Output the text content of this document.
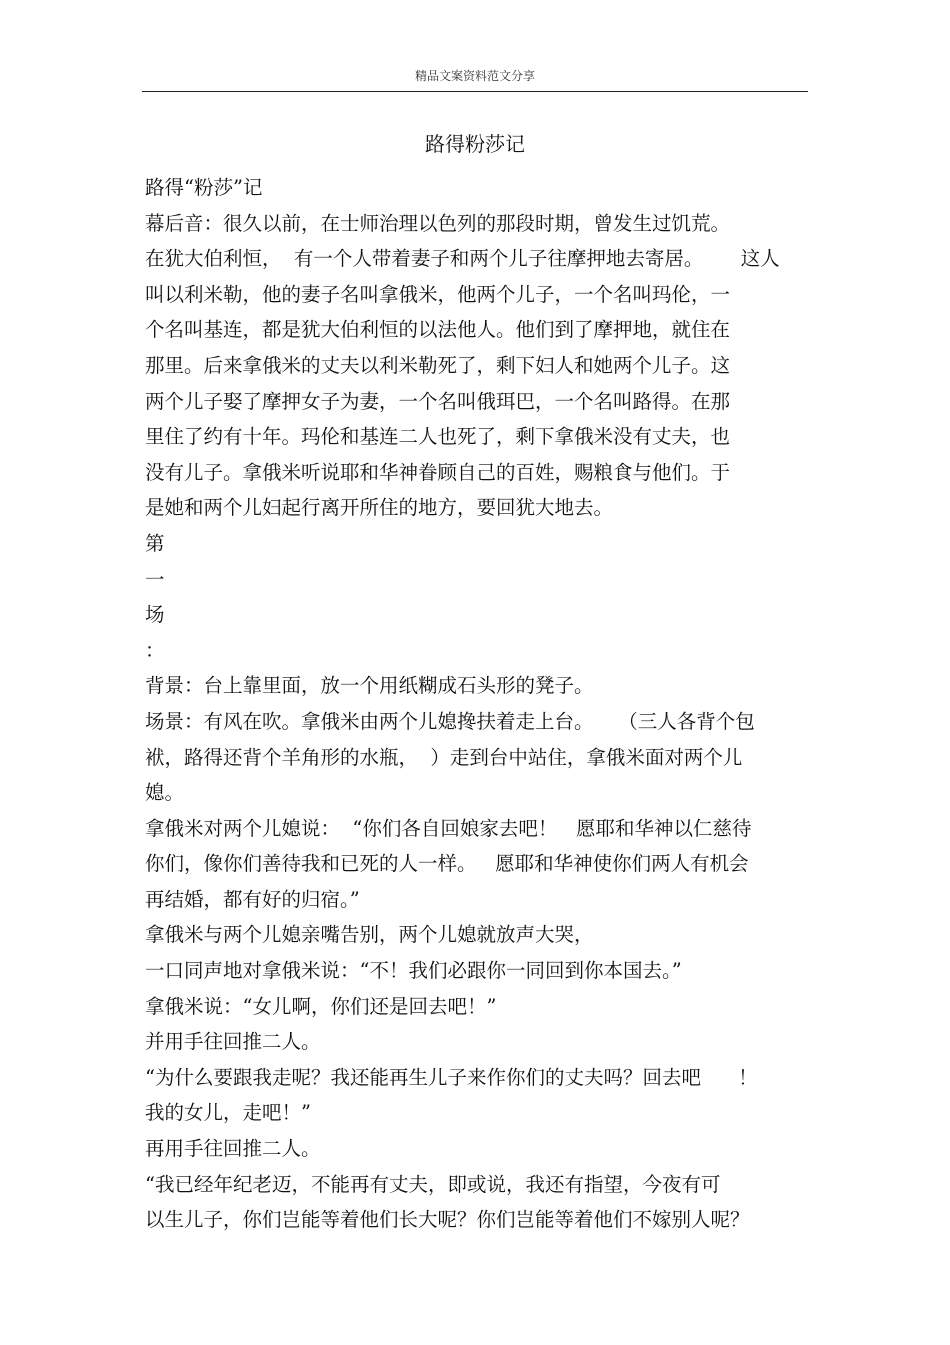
精品文案资料范文分享
路得粉莎记
路得“粉莎”记
幕后音：很久以前，在士师治理以色列的那段时期，曾发生过饥荒。
在犹大伯利恒，  有一个人带着妻子和两个儿子往摩押地去寄居。      这人
叫以利米勒，他的妻子名叫拿俄米，他两个儿子，一个名叫玛伦，一
个名叫基连，都是犹大伯利恒的以法他人。他们到了摩押地，就住在
那里。后来拿俄米的丈夫以利米勒死了，剩下妇人和她两个儿子。这
两个儿子娶了摩押女子为妻，一个名叫俄珥巴，一个名叫路得。在那
里住了约有十年。玛伦和基连二人也死了，剩下拿俄米没有丈夫，也
没有儿子。拿俄米听说耶和华神眷顾自己的百姓，赐粮食与他们。于
是她和两个儿妇起行离开所住的地方，要回犹大地去。
第
一
场
：
背景：台上靠里面，放一个用纸糊成石头形的凳子。
场景：有风在吹。拿俄米由两个儿媳搀扶着走上台。    （三人各背个包
袱，路得还背个羊角形的水瓶，  ）走到台中站住，拿俄米面对两个儿
媳。
拿俄米对两个儿媳说：  “你们各自回娘家去吧！   愿耶和华神以仁慈待
你们，像你们善待我和已死的人一样。   愿耶和华神使你们两人有机会
再结婚，都有好的归宿。”
拿俄米与两个儿媳亲嘴告别，两个儿媳就放声大哭，
一口同声地对拿俄米说：“不！我们必跟你一同回到你本国去。”
拿俄米说：“女儿啊，你们还是回去吧！”
并用手往回推二人。
“为什么要跟我走呢？我还能再生儿子来作你们的丈夫吗？回去吧      ！
我的女儿，走吧！”
再用手往回推二人。
“我已经年纪老迈，不能再有丈夫，即或说，我还有指望，今夜有可
以生儿子，你们岂能等着他们长大呢？你们岂能等着他们不嫁别人呢？
